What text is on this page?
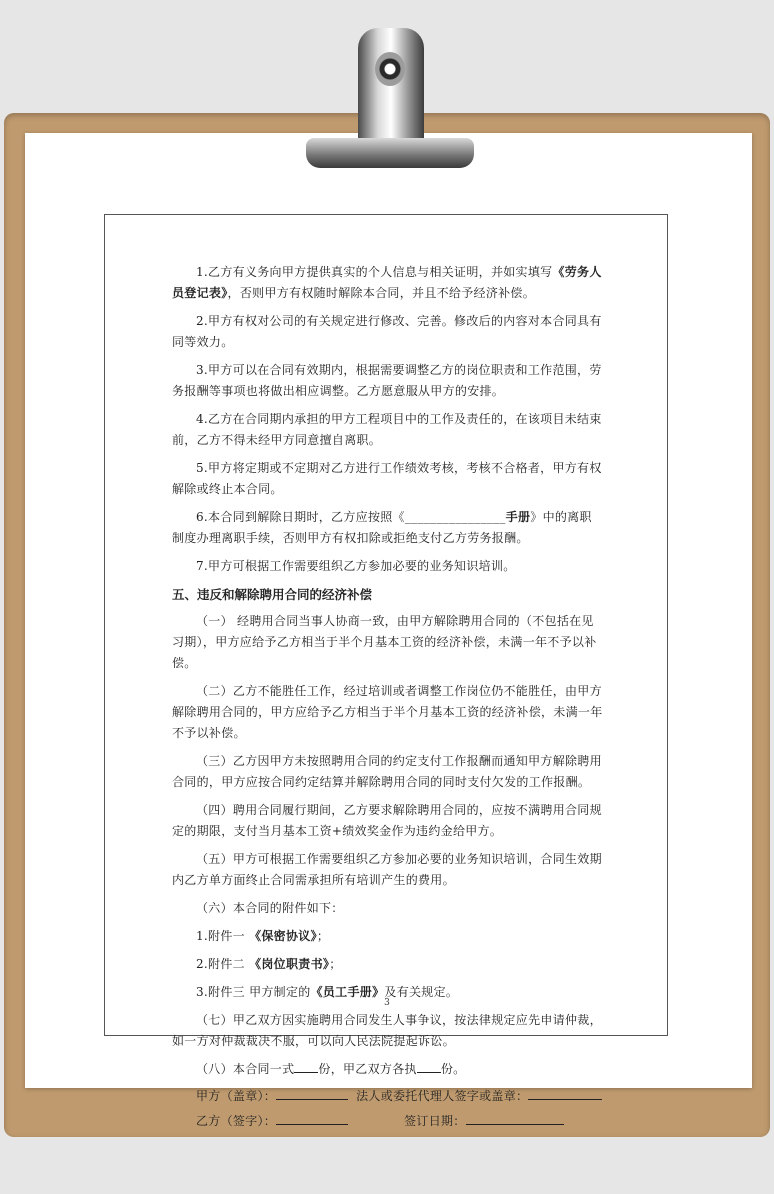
1.乙方有义务向甲方提供真实的个人信息与相关证明，并如实填写《劳务人员登记表》，否则甲方有权随时解除本合同，并且不给予经济补偿。

2.甲方有权对公司的有关规定进行修改、完善。修改后的内容对本合同具有同等效力。

3.甲方可以在合同有效期内，根据需要调整乙方的岗位职责和工作范围，劳务报酬等事项也将做出相应调整。乙方愿意服从甲方的安排。

4.乙方在合同期内承担的甲方工程项目中的工作及责任的，在该项目未结束前，乙方不得未经甲方同意擅自离职。

5.甲方将定期或不定期对乙方进行工作绩效考核，考核不合格者，甲方有权解除或终止本合同。

6.本合同到解除日期时，乙方应按照《________________手册》中的离职制度办理离职手续，否则甲方有权扣除或拒绝支付乙方劳务报酬。

7.甲方可根据工作需要组织乙方参加必要的业务知识培训。

五、违反和解除聘用合同的经济补偿

（一） 经聘用合同当事人协商一致，由甲方解除聘用合同的（不包括在见习期），甲方应给予乙方相当于半个月基本工资的经济补偿，未满一年不予以补偿。

（二）乙方不能胜任工作，经过培训或者调整工作岗位仍不能胜任，由甲方解除聘用合同的，甲方应给予乙方相当于半个月基本工资的经济补偿，未满一年不予以补偿。

（三）乙方因甲方未按照聘用合同的约定支付工作报酬而通知甲方解除聘用合同的，甲方应按合同约定结算并解除聘用合同的同时支付欠发的工作报酬。

（四）聘用合同履行期间，乙方要求解除聘用合同的，应按不满聘用合同规定的期限，支付当月基本工资+绩效奖金作为违约金给甲方。

（五）甲方可根据工作需要组织乙方参加必要的业务知识培训，合同生效期内乙方单方面终止合同需承担所有培训产生的费用。

（六）本合同的附件如下：

1.附件一 《保密协议》；

2.附件二 《岗位职责书》；

3.附件三 甲方制定的《员工手册》及有关规定。

（七）甲乙双方因实施聘用合同发生人事争议，按法律规定应先申请仲裁，如一方对仲裁裁决不服，可以向人民法院提起诉讼。

（八）本合同一式 份，甲乙双方各执 份。

甲方（盖章）：	法人或委托代理人签字或盖章：

乙方（签字）：	签订日期：

3
